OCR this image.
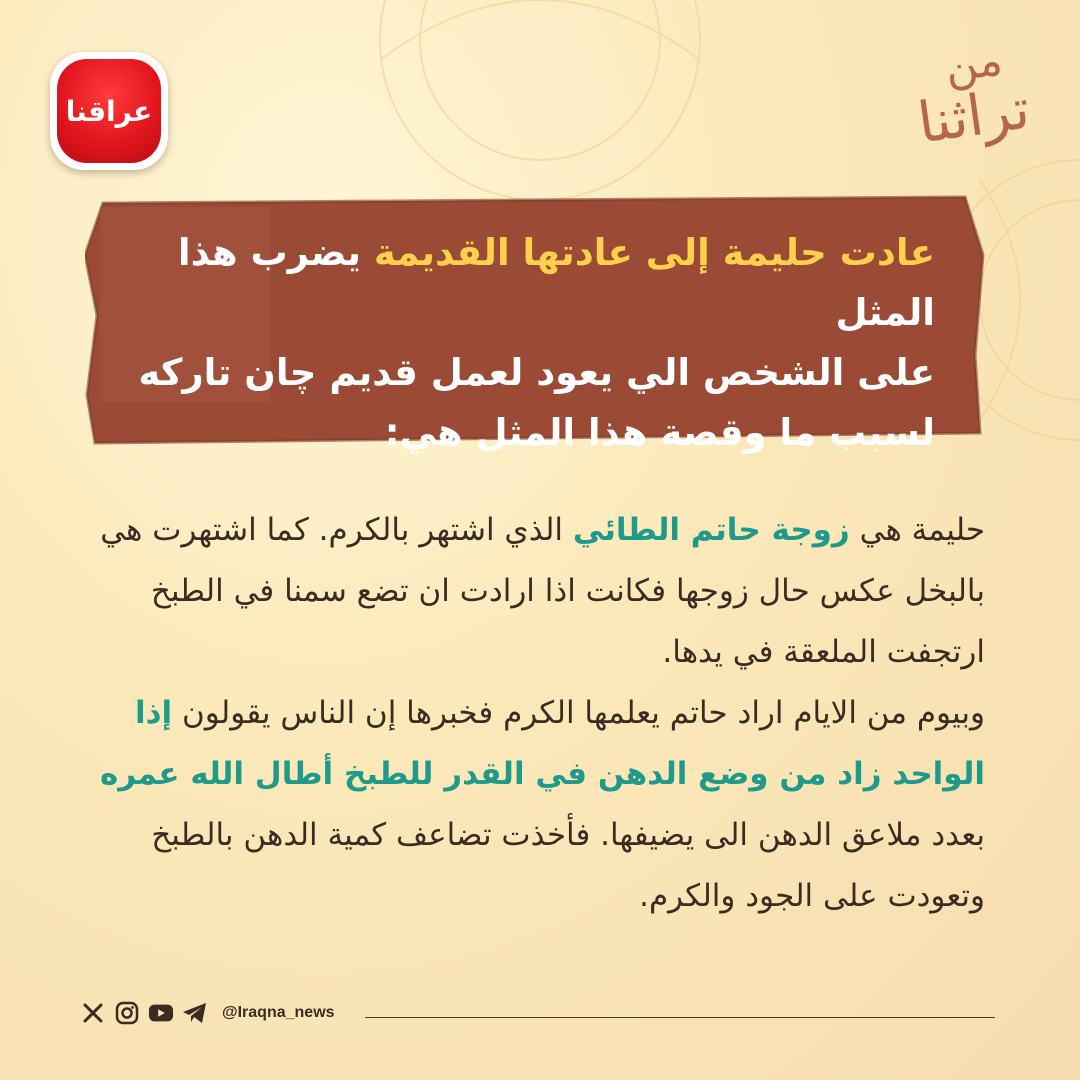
عراقنا
من
تراثنا
عادت حليمة إلى عادتها القديمة يضرب هذا المثل
على الشخص الي يعود لعمل قديم چان تاركه
لسبب ما وقصة هذا المثل هي:

حليمة هي زوجة حاتم الطائي الذي اشتهر بالكرم. كما اشتهرت هي بالبخل عكس حال زوجها فكانت اذا ارادت ان تضع سمنا في الطبخ ارتجفت الملعقة في يدها.

وبيوم من الايام اراد حاتم يعلمها الكرم فخبرها إن الناس يقولون إذا الواحد زاد من وضع الدهن في القدر للطبخ أطال الله عمره بعدد ملاعق الدهن الى يضيفها. فأخذت تضاعف كمية الدهن بالطبخ وتعودت على الجود والكرم.

@Iraqna_news
